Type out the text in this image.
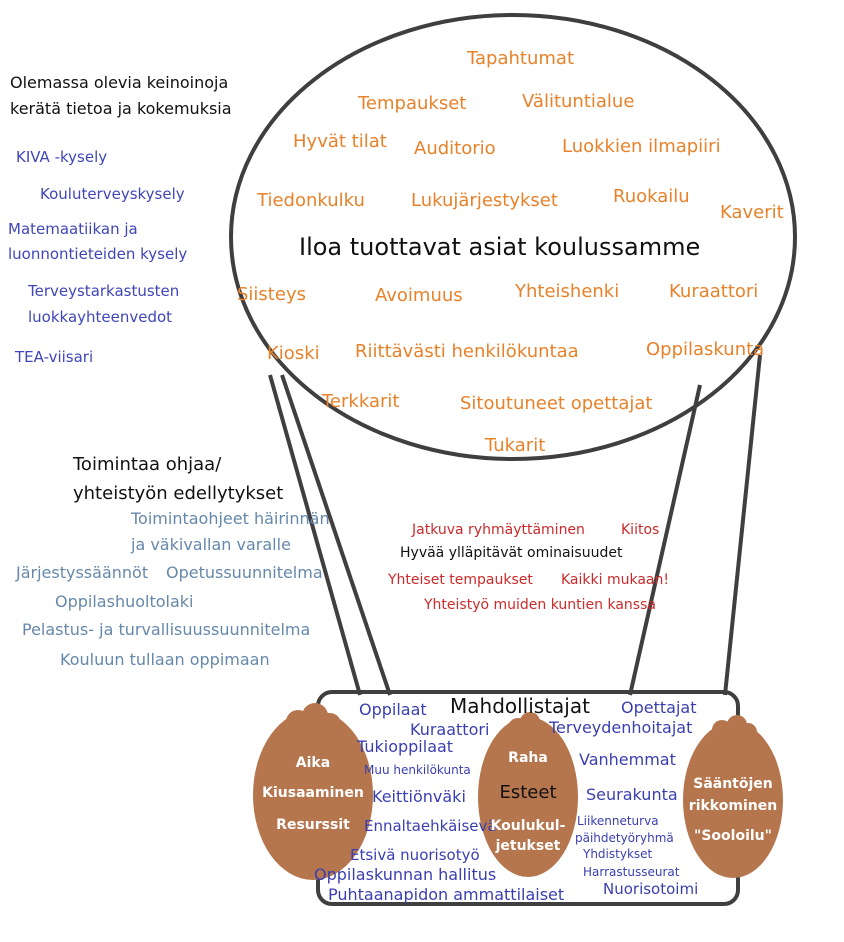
Tapahtumat
Tempaukset	Välituntialue
Hyvät tilat Auditorio	Luokkien ilmapiiri
Tiedonkulku	Lukujärjestykset	Ruokailu
Kaverit
Iloa tuottavat asiat koulussamme
Siisteys	Avoimuus	Yhteishenki	Kuraattori
Kioski Riittävästi henkilökuntaa	Oppilaskunta
Terkkarit	Sitoutuneet opettajat
Tukarit
Olemassa olevia keinoinoja
kerätä tietoa ja kokemuksia
KIVA -kysely
Kouluterveyskysely
Matemaatiikan ja
luonnontieteiden kysely
Terveystarkastusten
luokkayhteenvedot
TEA-viisari
Toimintaa ohjaa/
yhteistyön edellytykset
Toimintaohjeet häirinnän
ja väkivallan varalle
Järjestyssäännöt Opetussuunnitelma
Oppilashuoltolaki
Pelastus- ja turvallisuussuunnitelma
Kouluun tullaan oppimaan
Jatkuva ryhmäyttäminen	Kiitos
Hyvää ylläpitävät ominaisuudet
Yhteiset tempaukset Kaikki mukaan!
Yhteistyö muiden kuntien kanssa
Mahdollistajat
Oppilaat	Opettajat
Kuraattori	Terveydenhoitajat
Tukioppilaat
Vanhemmat
Muu henkilökunta
Seurakunta
Keittiönväki
Liikenneturva
Ennaltaehkäisevä
päihdetyöryhmä
Yhdistykset
Etsivä nuorisotyö
Harrastusseurat
Oppilaskunnan hallitus
Nuorisotoimi
Puhtaanapidon ammattilaiset
Aika
Kiusaaminen
Resurssit
Raha
Esteet
Koulukul-
jetukset
Sääntöjen
rikkominen
"Sooloilu"
